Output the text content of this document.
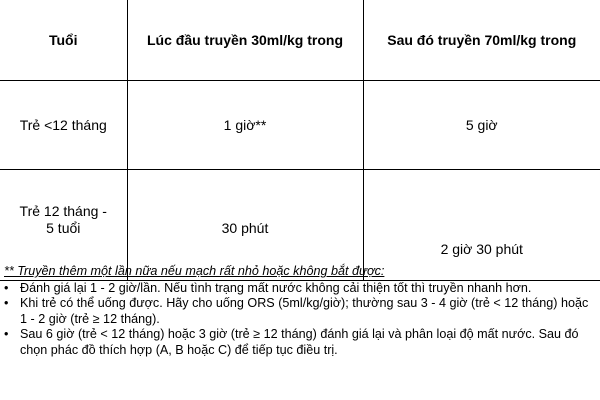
Tuổi	Lúc đầu truyền 30ml/kg trong	Sau đó truyền 70ml/kg trong
Trẻ <12 tháng	1 giờ**	5 giờ
Trẻ 12 tháng - 5 tuổi	30 phút	2 giờ 30 phút
** Truyền thêm một lần nữa nếu mạch rất nhỏ hoặc không bắt được:
• Đánh giá lại 1 - 2 giờ/lần. Nếu tình trạng mất nước không cải thiện tốt thì truyền nhanh hơn.
• Khi trẻ có thể uống được. Hãy cho uống ORS (5ml/kg/giờ); thường sau 3 - 4 giờ (trẻ < 12 tháng) hoặc 1 - 2 giờ (trẻ ≥ 12 tháng).
• Sau 6 giờ (trẻ < 12 tháng) hoặc 3 giờ (trẻ ≥ 12 tháng) đánh giá lại và phân loại độ mất nước. Sau đó chọn phác đồ thích hợp (A, B hoặc C) để tiếp tục điều trị.
